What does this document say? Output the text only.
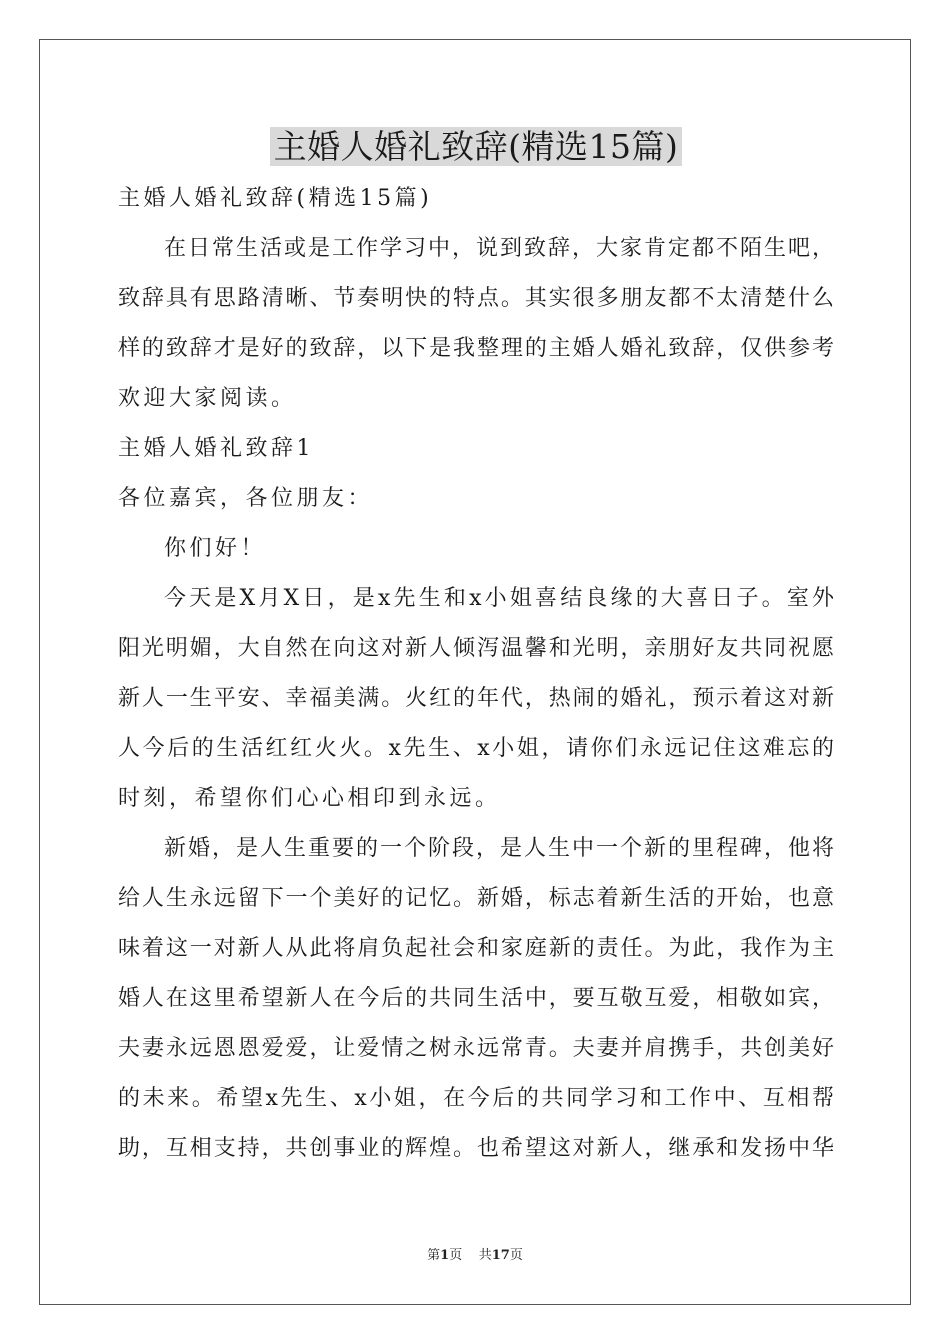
主婚人婚礼致辞(精选15篇)
主婚人婚礼致辞(精选15篇)
在日常生活或是工作学习中，说到致辞，大家肯定都不陌生吧，
致辞具有思路清晰、节奏明快的特点。其实很多朋友都不太清楚什么
样的致辞才是好的致辞，以下是我整理的主婚人婚礼致辞，仅供参考
欢迎大家阅读。
主婚人婚礼致辞1
各位嘉宾，各位朋友：
你们好！
今天是X月X日，是x先生和x小姐喜结良缘的大喜日子。室外
阳光明媚，大自然在向这对新人倾泻温馨和光明，亲朋好友共同祝愿
新人一生平安、幸福美满。火红的年代，热闹的婚礼，预示着这对新
人今后的生活红红火火。x先生、x小姐，请你们永远记住这难忘的
时刻，希望你们心心相印到永远。
新婚，是人生重要的一个阶段，是人生中一个新的里程碑，他将
给人生永远留下一个美好的记忆。新婚，标志着新生活的开始，也意
味着这一对新人从此将肩负起社会和家庭新的责任。为此，我作为主
婚人在这里希望新人在今后的共同生活中，要互敬互爱，相敬如宾，
夫妻永远恩恩爱爱，让爱情之树永远常青。夫妻并肩携手，共创美好
的未来。希望x先生、x小姐，在今后的共同学习和工作中、互相帮
助，互相支持，共创事业的辉煌。也希望这对新人，继承和发扬中华
第1页 共17页
